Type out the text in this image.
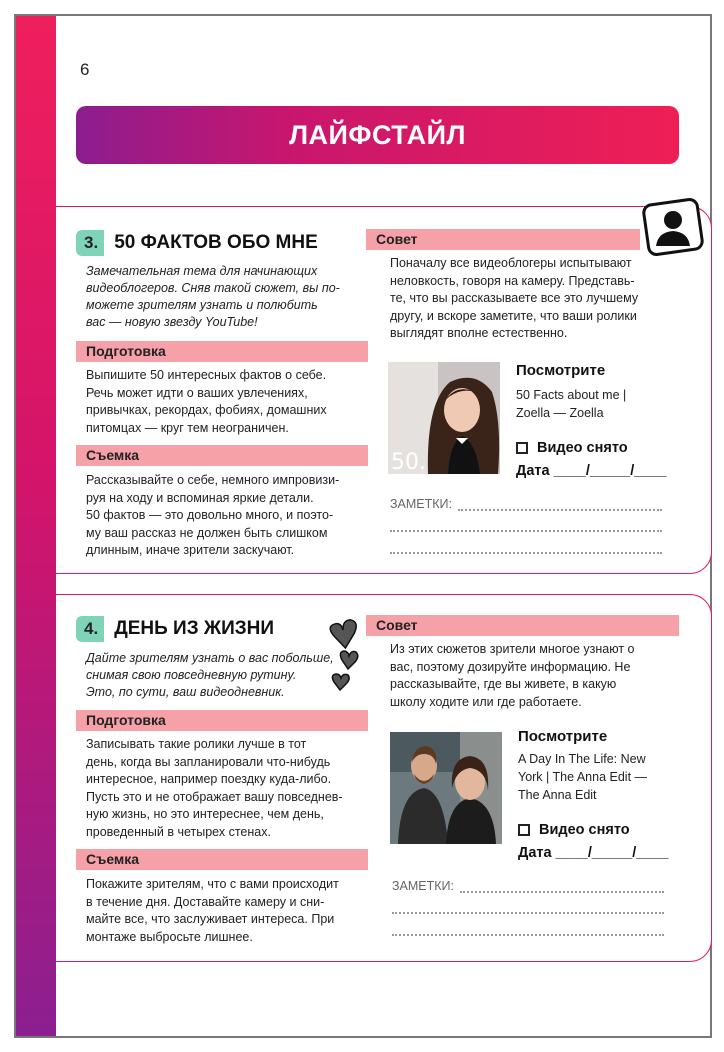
6
ЛАЙФСТАЙЛ
3. 50 ФАКТОВ ОБО МНЕ
Замечательная тема для начинающих
видеоблогеров. Сняв такой сюжет, вы по-
можете зрителям узнать и полюбить
вас — новую звезду YouTube!
Подготовка
Выпишите 50 интересных фактов о себе.
Речь может идти о ваших увлечениях,
привычках, рекордах, фобиях, домашних
питомцах — круг тем неограничен.
Съемка
Рассказывайте о себе, немного импровизи-
руя на ходу и вспоминая яркие детали.
50 фактов — это довольно много, и поэто-
му ваш рассказ не должен быть слишком
длинным, иначе зрители заскучают.
Совет
Поначалу все видеоблогеры испытывают
неловкость, говоря на камеру. Представь-
те, что вы рассказываете все это лучшему
другу, и вскоре заметите, что ваши ролики
выглядят вполне естественно.
50.
Посмотрите
50 Facts about me |
Zoella — Zoella
Видео снято
Дата ____/_____/____
ЗАМЕТКИ:
4. ДЕНЬ ИЗ ЖИЗНИ
Дайте зрителям узнать о вас побольше,
снимая свою повседневную рутину.
Это, по сути, ваш видеодневник.
Подготовка
Записывать такие ролики лучше в тот
день, когда вы запланировали что-нибудь
интересное, например поездку куда-либо.
Пусть это и не отображает вашу повседнев-
ную жизнь, но это интереснее, чем день,
проведенный в четырех стенах.
Съемка
Покажите зрителям, что с вами происходит
в течение дня. Доставайте камеру и сни-
майте все, что заслуживает интереса. При
монтаже выбросьте лишнее.
Совет
Из этих сюжетов зрители многое узнают о
вас, поэтому дозируйте информацию. Не
рассказывайте, где вы живете, в какую
школу ходите или где работаете.
Посмотрите
A Day In The Life: New
York | The Anna Edit —
The Anna Edit
Видео снято
Дата ____/_____/____
ЗАМЕТКИ:
